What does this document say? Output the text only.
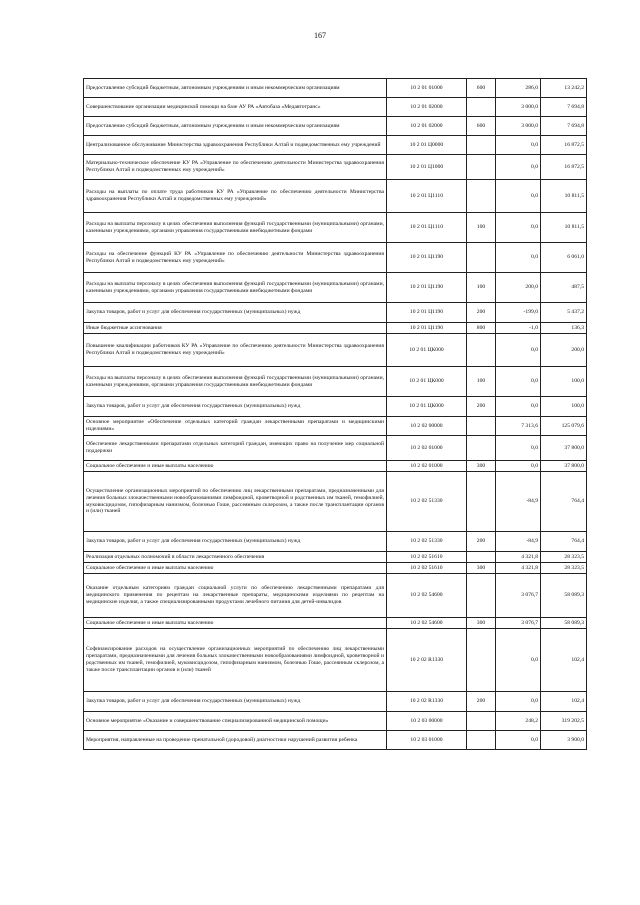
167
Предоставление субсидий бюджетным, автономным учреждениям и иным некоммерческим организациям	10 2 01 01000	600	286,0	13 242,2
Совершенствование организации медицинской помощи на базе АУ РА «Автобаза «Медавтотранс»	10 2 01 02000		3 000,0	7 694,8
Предоставление субсидий бюджетным, автономным учреждениям и иным некоммерческим организациям	10 2 01 02000	600	3 000,0	7 694,8
Централизованное обслуживание Министерства здравоохранения Республики Алтай и подведомственных ему учреждений	10 2 01 Ц0000		0,0	16 872,5
Материально-техническое обеспечение КУ РА «Управление по обеспечению деятельности Министерства здравоохранения Республики Алтай и подведомственных ему учреждений»	10 2 01 Ц1000		0,0	16 872,5
Расходы на выплаты по оплате труда работников КУ РА «Управление по обеспечению деятельности Министерства здравоохранения Республики Алтай и подведомственных ему учреждений»	10 2 01 Ц1110		0,0	10 811,5
Расходы на выплаты персоналу в целях обеспечения выполнения функций государственными (муниципальными) органами, казенными учреждениями, органами управления государственными внебюджетными фондами	10 2 01 Ц1110	100	0,0	10 811,5
Расходы на обеспечение функций КУ РА «Управление по обеспечению деятельности Министерства здравоохранения Республики Алтай и подведомственных ему учреждений»	10 2 01 Ц1190		0,0	6 061,0
Расходы на выплаты персоналу в целях обеспечения выполнения функций государственными (муниципальными) органами, казенными учреждениями, органами управления государственными внебюджетными фондами	10 2 01 Ц1190	100	200,0	487,5
Закупка товаров, работ и услуг для обеспечения государственных (муниципальных) нужд	10 2 01 Ц1190	200	-199,0	5 437,2
Иные бюджетные ассигнования	10 2 01 Ц1190	800	-1,0	136,3
Повышение квалификации работников КУ РА «Управление по обеспечению деятельности Министерства здравоохранения Республики Алтай и подведомственных ему учреждений»	10 2 01 ЦК000		0,0	200,0
Расходы на выплаты персоналу в целях обеспечения выполнения функций государственными (муниципальными) органами, казенными учреждениями, органами управления государственными внебюджетными фондами	10 2 01 ЦК000	100	0,0	100,0
Закупка товаров, работ и услуг для обеспечения государственных (муниципальных) нужд	10 2 01 ЦК000	200	0,0	100,0
Основное мероприятие «Обеспечение отдельных категорий граждан лекарственными препаратами и медицинскими изделиями»	10 2 02 00000		7 313,6	125 079,6
Обеспечение лекарственными препаратами отдельных категорий граждан, имеющих право на получение мер социальной поддержки	10 2 02 01000		0,0	37 800,0
Социальное обеспечение и иные выплаты населению	10 2 02 01000	300	0,0	37 800,0
Осуществление организационных мероприятий по обеспечению лиц лекарственными препаратами, предназначенными для лечения больных злокачественными новообразованиями лимфоидной, кроветворной и родственных им тканей, гемофилией, муковисцидозом, гипофизарным нанизмом, болезнью Гоше, рассеянным склерозом, а также после трансплантации органов и (или) тканей	10 2 02 51330		-84,9	764,4
Закупка товаров, работ и услуг для обеспечения государственных (муниципальных) нужд	10 2 02 51330	200	-84,9	764,4
Реализация отдельных полномочий в области лекарственного обеспечения	10 2 02 51610		4 321,8	28 323,5
Социальное обеспечение и иные выплаты населению	10 2 02 51610	300	4 321,8	28 323,5
Оказание отдельным категориям граждан социальной услуги по обеспечению лекарственными препаратами для медицинского применения по рецептам на лекарственные препараты, медицинскими изделиями по рецептам на медицинские изделия, а также специализированными продуктами лечебного питания для детей-инвалидов	10 2 02 54600		3 076,7	58 089,3
Социальное обеспечение и иные выплаты населению	10 2 02 54600	300	3 076,7	58 089,3
Софинансирование расходов на осуществление организационных мероприятий по обеспечению лиц лекарственными препаратами, предназначенными для лечения больных злокачественными новообразованиями лимфоидной, кроветворной и родственных им тканей, гемофилией, муковисцидозом, гипофизарным нанизмом, болезнью Гоше, рассеянным склерозом, а также после трансплантации органов и (или) тканей	10 2 02 R1330		0,0	102,4
Закупка товаров, работ и услуг для обеспечения государственных (муниципальных) нужд	10 2 02 R1330	200	0,0	102,4
Основное мероприятие «Оказание и совершенствование специализированной медицинской помощи»	10 2 03 00000		248,2	319 202,5
Мероприятия, направленные на проведение пренатальной (дородовой) диагностики нарушений развития ребенка	10 2 03 01000		0,0	3 900,0
